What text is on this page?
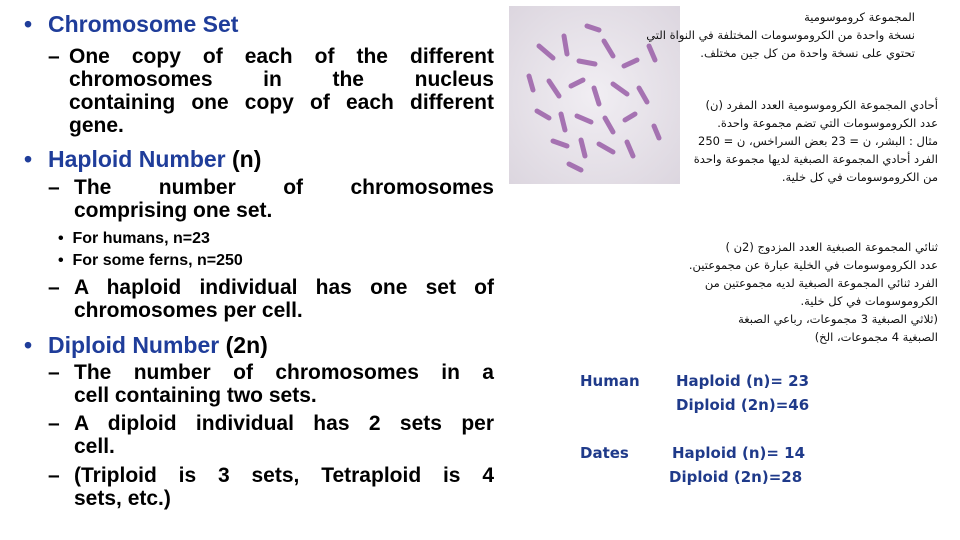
• Chromosome Set
– One copy of each of the different
chromosomes in the nucleus
containing one copy of each different
gene.
• Haploid Number (n)
– The number of chromosomes
comprising one set.
• For humans, n=23
• For some ferns, n=250
– A haploid individual has one set of
chromosomes per cell.
• Diploid Number (2n)
– The number of chromosomes in a
cell containing two sets.
– A diploid individual has 2 sets per
cell.
– (Triploid is 3 sets, Tetraploid is 4
sets, etc.)
المجموعة كروموسومية
نسخة واحدة من الكروموسومات المختلفة في النواة التي
تحتوي على نسخة واحدة من كل جين مختلف.
أحادي المجموعة الكروموسومية العدد المفرد (ن)
عدد الكروموسومات التي تضم مجموعة واحدة.
مثال : البشر، ن = 23 بعض السراخس، ن = 250
الفرد أحادي المجموعة الصبغية لديها مجموعة واحدة
من الكروموسومات في كل خلية.
ثنائي المجموعة الصبغية العدد المزدوج (2ن )
عدد الكروموسومات في الخلية عبارة عن مجموعتين.
الفرد ثنائي المجموعة الصبغية لديه مجموعتين من
الكروموسومات في كل خلية.
(ثلاثي الصبغية 3 مجموعات، رباعي الصبغة
الصبغية 4 مجموعات، الخ)
Human Haploid (n)= 23
Diploid (2n)=46
Dates	Haploid (n)= 14
Diploid (2n)=28
